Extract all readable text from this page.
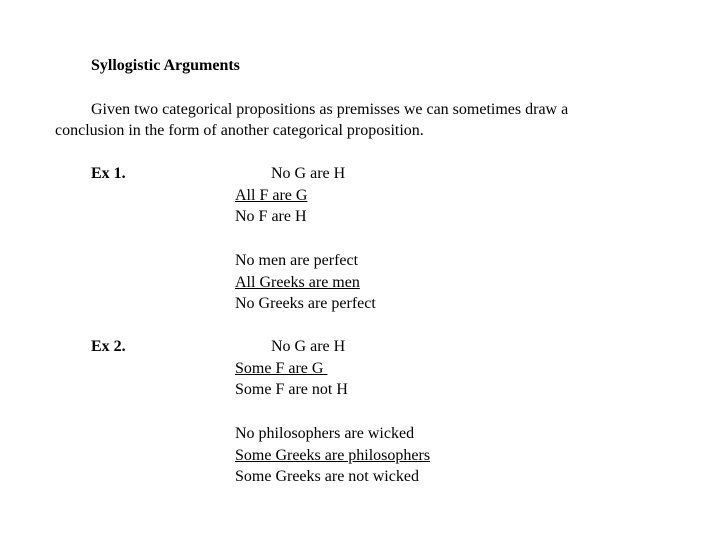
Syllogistic Arguments
Given two categorical propositions as premisses we can sometimes draw a
conclusion in the form of another categorical proposition.
Ex 1.	No G are H
All F are G
No F are H
No men are perfect
All Greeks are men
No Greeks are perfect
Ex 2.	No G are H
Some F are G
Some F are not H
No philosophers are wicked
Some Greeks are philosophers
Some Greeks are not wicked
